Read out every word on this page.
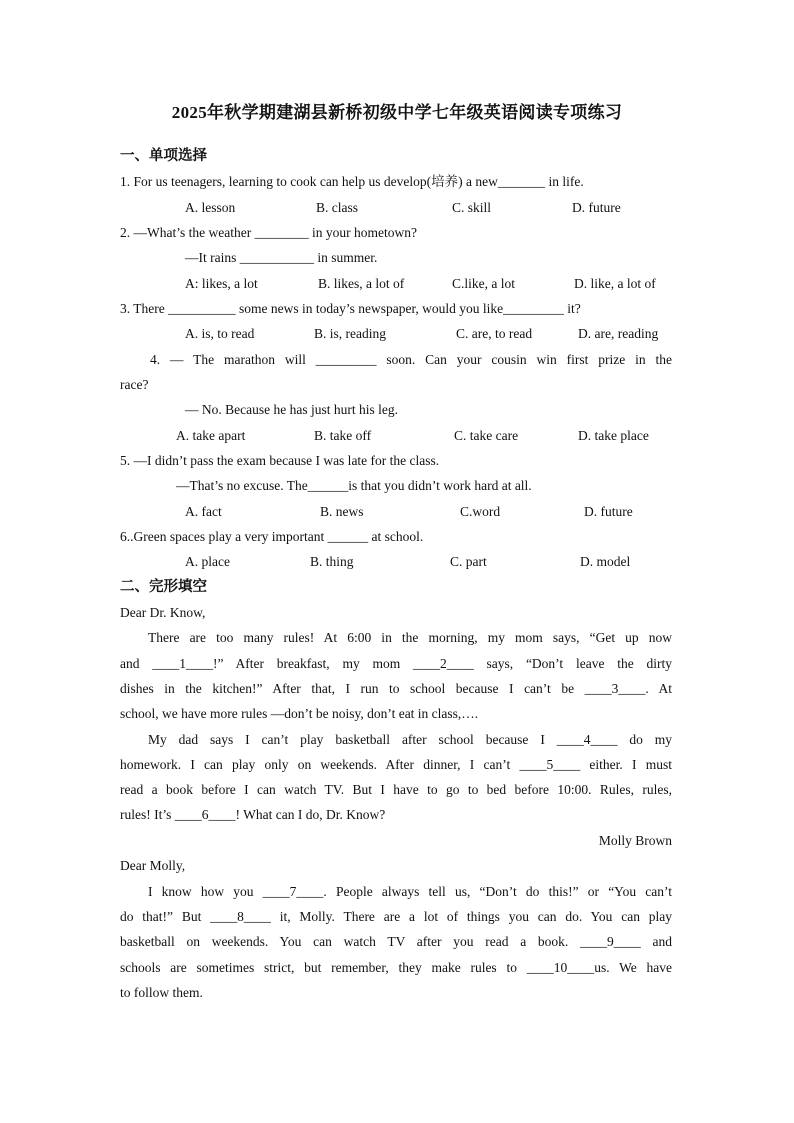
2025年秋学期建湖县新桥初级中学七年级英语阅读专项练习
一、单项选择
1. For us teenagers, learning to cook can help us develop(培养) a new_______ in life.
A. lesson	B. class	C. skill	D. future
2. —What’s the weather ________ in your hometown?
—It rains ___________ in summer.
A: likes, a lot	B. likes, a lot of	C.like, a lot	D. like, a lot of
3. There __________ some news in today’s newspaper, would you like_________ it?
A. is, to read	B. is, reading	C. are, to read	D. are, reading
4. — The marathon will _________ soon. Can your cousin win first prize in the
race?
— No. Because he has just hurt his leg.
A. take apart	B. take off	C. take care	D. take place
5. —I didn’t pass the exam because I was late for the class.
—That’s no excuse. The______is that you didn’t work hard at all.
A. fact	B. news	C.word	D. future
6..Green spaces play a very important ______ at school.
A. place	B. thing	C. part	D. model
二、完形填空
Dear Dr. Know,
There are too many rules! At 6:00 in the morning, my mom says, “Get up now
and ____1____!” After breakfast, my mom ____2____ says, “Don’t leave the dirty
dishes in the kitchen!” After that, I run to school because I can’t be ____3____. At
school, we have more rules —don’t be noisy, don’t eat in class,….
My dad says I can’t play basketball after school because I ____4____ do my
homework. I can play only on weekends. After dinner, I can’t ____5____ either. I must
read a book before I can watch TV. But I have to go to bed before 10:00. Rules, rules,
rules! It’s ____6____! What can I do, Dr. Know?
Molly Brown
Dear Molly,
I know how you ____7____. People always tell us, “Don’t do this!” or “You can’t
do that!” But ____8____ it, Molly. There are a lot of things you can do. You can play
basketball on weekends. You can watch TV after you read a book. ____9____ and
schools are sometimes strict, but remember, they make rules to ____10____us. We have
to follow them.
